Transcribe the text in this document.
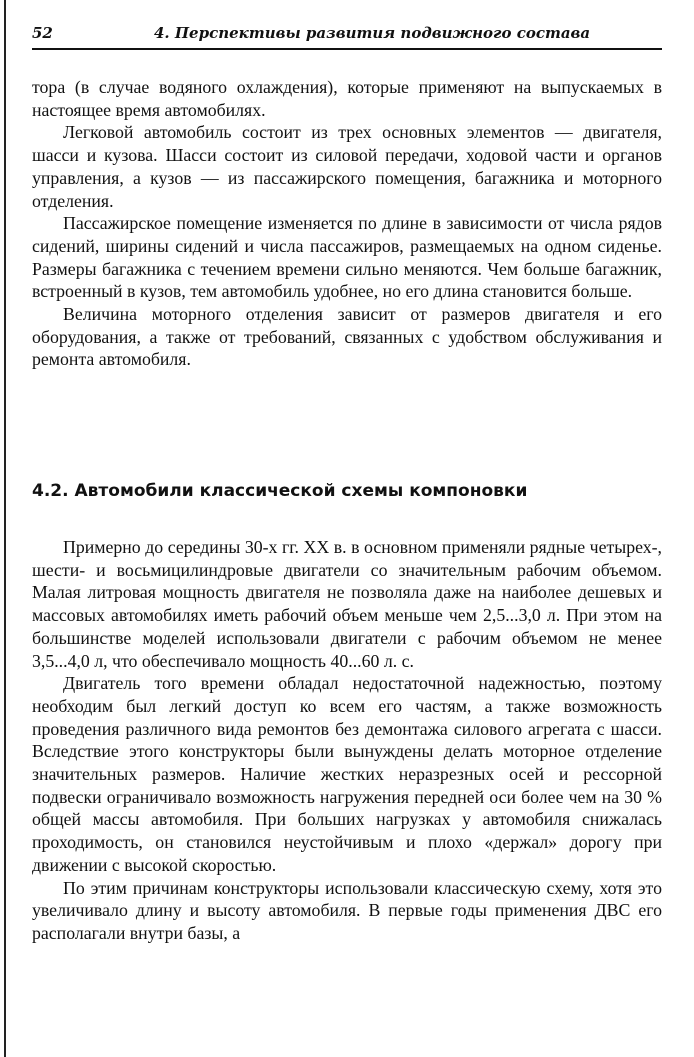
52	4. Перспективы развития подвижного состава

тора (в случае водяного охлаждения), которые применяют на выпускаемых в настоящее время автомобилях.

Легковой автомобиль состоит из трех основных элементов — двигателя, шасси и кузова. Шасси состоит из силовой передачи, ходовой части и органов управления, а кузов — из пассажирского помещения, багажника и моторного отделения.

Пассажирское помещение изменяется по длине в зависимости от числа рядов сидений, ширины сидений и числа пассажиров, размещаемых на одном сиденье. Размеры багажника с течением времени сильно меняются. Чем больше багажник, встроенный в кузов, тем автомобиль удобнее, но его длина становится больше.

Величина моторного отделения зависит от размеров двигателя и его оборудования, а также от требований, связанных с удобством обслуживания и ремонта автомобиля.

4.2. Автомобили классической схемы компоновки

Примерно до середины 30-х гг. XX в. в основном применяли рядные четырех-, шести- и восьмицилиндровые двигатели со значительным рабочим объемом. Малая литровая мощность двигателя не позволяла даже на наиболее дешевых и массовых автомобилях иметь рабочий объем меньше чем 2,5...3,0 л. При этом на большинстве моделей использовали двигатели с рабочим объемом не менее 3,5...4,0 л, что обеспечивало мощность 40...60 л. с.

Двигатель того времени обладал недостаточной надежностью, поэтому необходим был легкий доступ ко всем его частям, а также возможность проведения различного вида ремонтов без демонтажа силового агрегата с шасси. Вследствие этого конструкторы были вынуждены делать моторное отделение значительных размеров. Наличие жестких неразрезных осей и рессорной подвески ограничивало возможность нагружения передней оси более чем на 30 % общей массы автомобиля. При больших нагрузках у автомобиля снижалась проходимость, он становился неустойчивым и плохо «держал» дорогу при движении с высокой скоростью.

По этим причинам конструкторы использовали классическую схему, хотя это увеличивало длину и высоту автомобиля. В первые годы применения ДВС его располагали внутри базы, а
